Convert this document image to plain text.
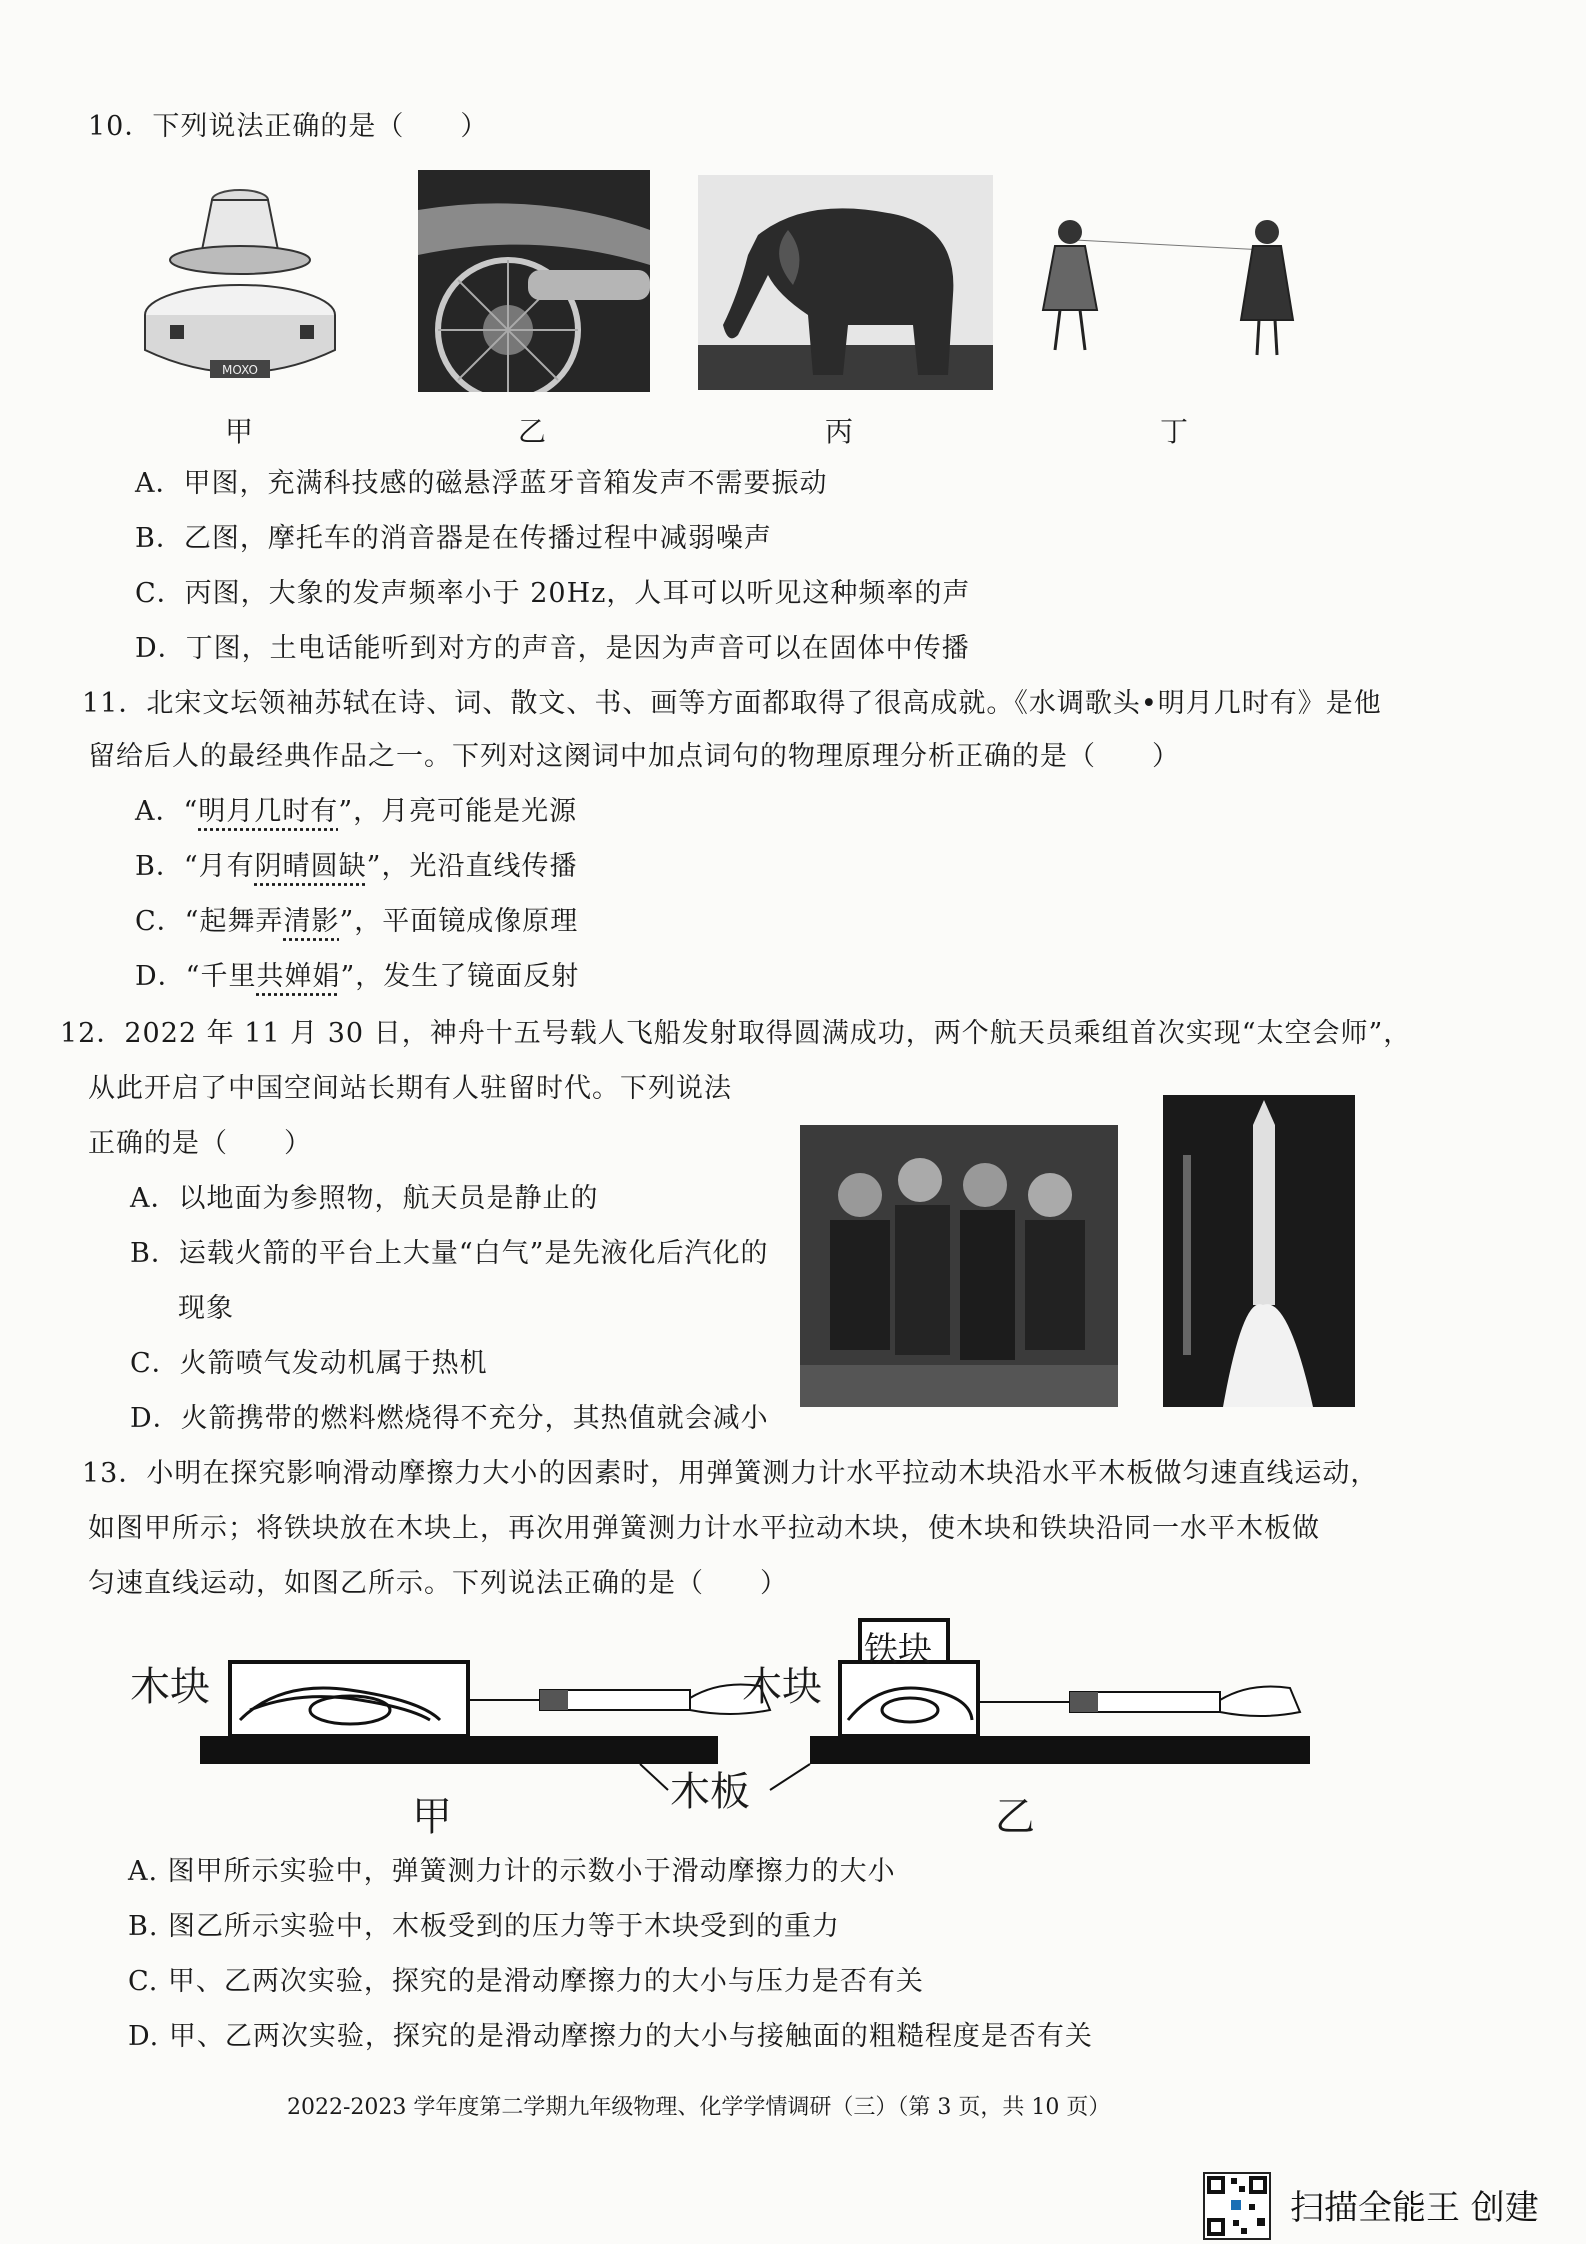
10．下列说法正确的是（　　）
MOXO
甲	乙	丙	丁
A．甲图，充满科技感的磁悬浮蓝牙音箱发声不需要振动
B．乙图，摩托车的消音器是在传播过程中减弱噪声
C．丙图，大象的发声频率小于 20Hz，人耳可以听见这种频率的声
D．丁图，土电话能听到对方的声音，是因为声音可以在固体中传播
11．北宋文坛领袖苏轼在诗、词、散文、书、画等方面都取得了很高成就。《水调歌头•明月几时有》是他
留给后人的最经典作品之一。下列对这阕词中加点词句的物理原理分析正确的是（　　）
A．“明月几时有”，月亮可能是光源
B．“月有阴晴圆缺”，光沿直线传播
C．“起舞弄清影”，平面镜成像原理
D．“千里共婵娟”，发生了镜面反射
12．2022 年 11 月 30 日，神舟十五号载人飞船发射取得圆满成功，两个航天员乘组首次实现“太空会师”，
从此开启了中国空间站长期有人驻留时代。下列说法
正确的是（　　）
A．以地面为参照物，航天员是静止的
B．运载火箭的平台上大量“白气”是先液化后汽化的
现象
C．火箭喷气发动机属于热机
D．火箭携带的燃料燃烧得不充分，其热值就会减小
13．小明在探究影响滑动摩擦力大小的因素时，用弹簧测力计水平拉动木块沿水平木板做匀速直线运动，
如图甲所示；将铁块放在木块上，再次用弹簧测力计水平拉动木块，使木块和铁块沿同一水平木板做
匀速直线运动，如图乙所示。下列说法正确的是（　　）
木块	木块
铁块
木板
甲	乙
A. 图甲所示实验中，弹簧测力计的示数小于滑动摩擦力的大小
B. 图乙所示实验中，木板受到的压力等于木块受到的重力
C. 甲、乙两次实验，探究的是滑动摩擦力的大小与压力是否有关
D. 甲、乙两次实验，探究的是滑动摩擦力的大小与接触面的粗糙程度是否有关
2022-2023 学年度第二学期九年级物理、化学学情调研（三）（第 3 页，共 10 页）
扫描全能王 创建
